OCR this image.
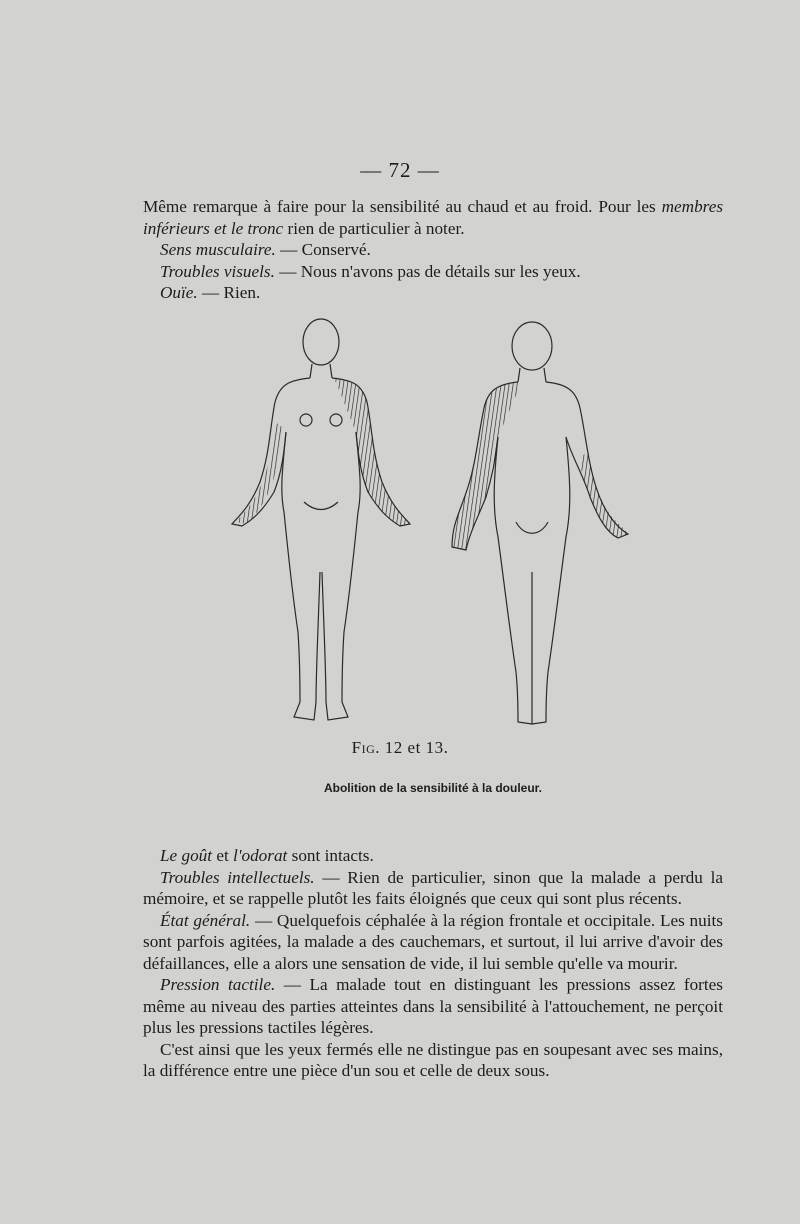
— 72 —

Même remarque à faire pour la sensibilité au chaud et au froid. Pour les membres inférieurs et le tronc rien de particulier à noter.

Sens musculaire. — Conservé.

Troubles visuels. — Nous n'avons pas de détails sur les yeux.

Ouïe. — Rien.

Fig. 12 et 13.
Abolition de la sensibilité à la douleur.

Le goût et l'odorat sont intacts.

Troubles intellectuels. — Rien de particulier, sinon que la malade a perdu la mémoire, et se rappelle plutôt les faits éloignés que ceux qui sont plus récents.

État général. — Quelquefois céphalée à la région frontale et occipitale. Les nuits sont parfois agitées, la malade a des cauchemars, et surtout, il lui arrive d'avoir des défaillances, elle a alors une sensation de vide, il lui semble qu'elle va mourir.

Pression tactile. — La malade tout en distinguant les pressions assez fortes même au niveau des parties atteintes dans la sensibilité à l'attouchement, ne perçoit plus les pressions tactiles légères.

C'est ainsi que les yeux fermés elle ne distingue pas en soupesant avec ses mains, la différence entre une pièce d'un sou et celle de deux sous.
